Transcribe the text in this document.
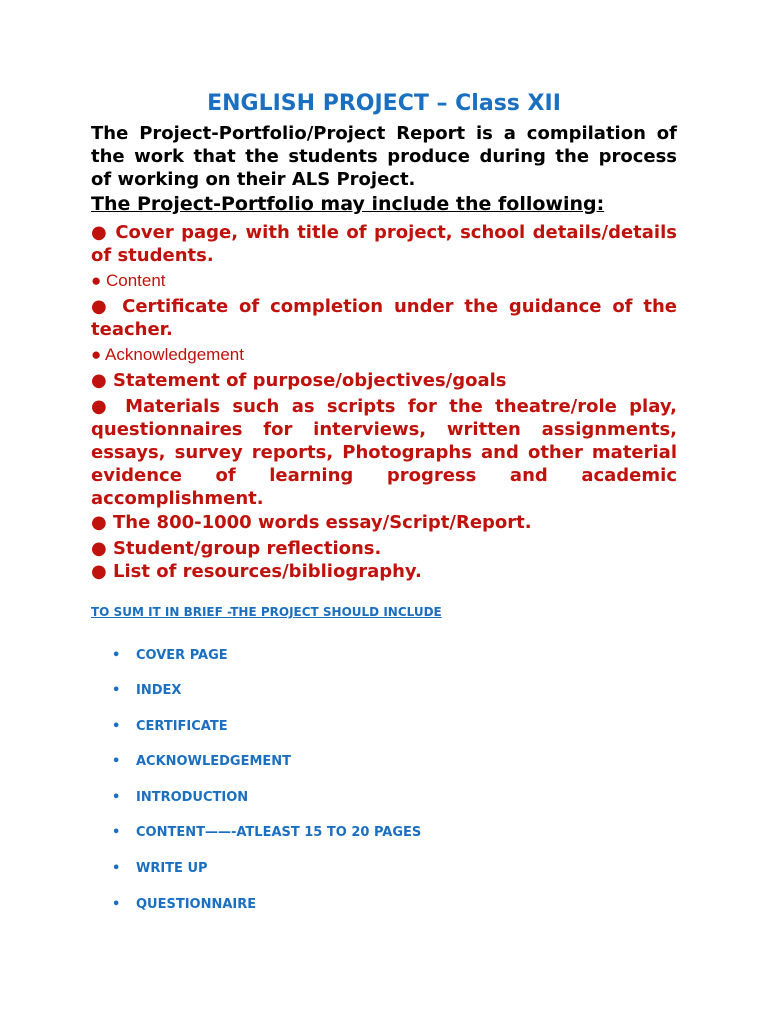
ENGLISH PROJECT – Class XII
The Project-Portfolio/Project Report is a compilation of the work that the students produce during the process of working on their ALS Project.
The Project-Portfolio may include the following:
● Cover page, with title of project, school details/details of students.
● Content
● Certificate of completion under the guidance of the teacher.
● Acknowledgement
● Statement of purpose/objectives/goals
● Materials such as scripts for the theatre/role play, questionnaires for interviews, written assignments, essays, survey reports, Photographs and other material evidence of learning progress and academic accomplishment.
● The 800-1000 words essay/Script/Report.
● Student/group reflections.
● List of resources/bibliography.
TO SUM IT IN BRIEF -THE PROJECT SHOULD INCLUDE
• COVER PAGE
• INDEX
• CERTIFICATE
• ACKNOWLEDGEMENT
• INTRODUCTION
• CONTENT——-ATLEAST 15 TO 20 PAGES
• WRITE UP
• QUESTIONNAIRE
